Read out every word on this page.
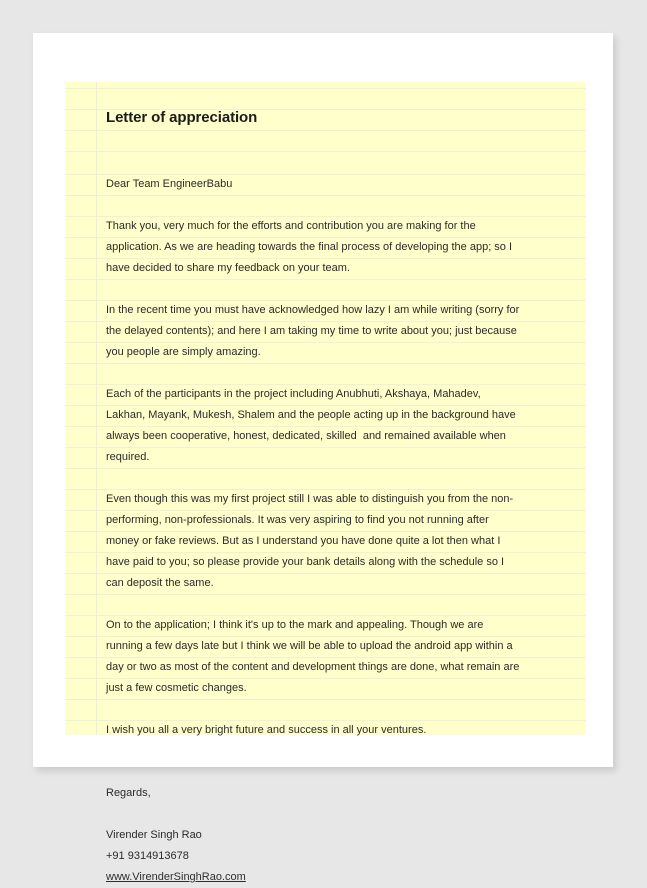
Letter of appreciation
Dear Team EngineerBabu

Thank you, very much for the efforts and contribution you are making for the application. As we are heading towards the final process of developing the app; so I have decided to share my feedback on your team.

In the recent time you must have acknowledged how lazy I am while writing (sorry for the delayed contents); and here I am taking my time to write about you; just because you people are simply amazing.

Each of the participants in the project including Anubhuti, Akshaya, Mahadev, Lakhan, Mayank, Mukesh, Shalem and the people acting up in the background have always been cooperative, honest, dedicated, skilled  and remained available when required.

Even though this was my first project still I was able to distinguish you from the non-performing, non-professionals. It was very aspiring to find you not running after money or fake reviews. But as I understand you have done quite a lot then what I have paid to you; so please provide your bank details along with the schedule so I can deposit the same.

On to the application; I think it's up to the mark and appealing. Though we are running a few days late but I think we will be able to upload the android app within a day or two as most of the content and development things are done, what remain are just a few cosmetic changes.

I wish you all a very bright future and success in all your ventures.

Regards,
Virender Singh Rao
+91 9314913678
www.VirenderSinghRao.com
